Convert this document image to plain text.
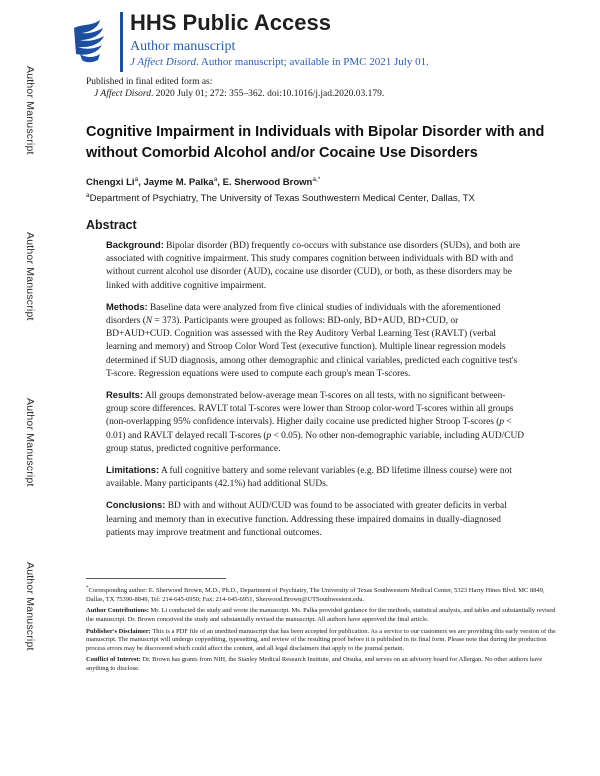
Author Manuscript
Author Manuscript
Author Manuscript
Author Manuscript
HHS Public Access
Author manuscript
J Affect Disord. Author manuscript; available in PMC 2021 July 01.
Published in final edited form as:
J Affect Disord. 2020 July 01; 272: 355–362. doi:10.1016/j.jad.2020.03.179.
Cognitive Impairment in Individuals with Bipolar Disorder with and without Comorbid Alcohol and/or Cocaine Use Disorders
Chengxi Li$^a$, Jayme M. Palka$^a$, E. Sherwood Brown$^{a,*}$
$^a$Department of Psychiatry, The University of Texas Southwestern Medical Center, Dallas, TX
Abstract

Background: Bipolar disorder (BD) frequently co-occurs with substance use disorders (SUDs), and both are associated with cognitive impairment. This study compares cognition between individuals with BD with and without current alcohol use disorder (AUD), cocaine use disorder (CUD), or both, as these disorders may be linked with additive cognitive impairment.

Methods: Baseline data were analyzed from five clinical studies of individuals with the aforementioned disorders (N = 373). Participants were grouped as follows: BD-only, BD+AUD, BD+CUD, or BD+AUD+CUD. Cognition was assessed with the Rey Auditory Verbal Learning Test (RAVLT) (verbal learning and memory) and Stroop Color Word Test (executive function). Multiple linear regression models determined if SUD diagnosis, among other demographic and clinical variables, predicted each cognitive test's T-score. Regression equations were used to compute each group's mean T-scores.

Results: All groups demonstrated below-average mean T-scores on all tests, with no significant between-group score differences. RAVLT total T-scores were lower than Stroop color-word T-scores within all groups (non-overlapping 95% confidence intervals). Higher daily cocaine use predicted higher Stroop T-scores (p < 0.01) and RAVLT delayed recall T-scores (p < 0.05). No other non-demographic variable, including AUD/CUD group status, predicted cognitive performance.

Limitations: A full cognitive battery and some relevant variables (e.g. BD lifetime illness course) were not available. Many participants (42.1%) had additional SUDs.

Conclusions: BD with and without AUD/CUD was found to be associated with greater deficits in verbal learning and memory than in executive function. Addressing these impaired domains in dually-diagnosed patients may improve treatment and functional outcomes.

*Corresponding author: E. Sherwood Brown, M.D., Ph.D., Department of Psychiatry, The University of Texas Southwestern Medical Center, 5323 Harry Hines Blvd. MC 8849, Dallas, TX 75390-8849, Tel: 214-645-6950; Fax: 214-645-6951, Sherwood.Brown@UTSouthwestern.edu.

Author Contributions: Mr. Li conducted the study and wrote the manuscript. Ms. Palka provided guidance for the methods, statistical analysis, and tables and substantially revised the manuscript. Dr. Brown conceived the study and substantially revised the manuscript. All authors have approved the final article.

Publisher's Disclaimer: This is a PDF file of an unedited manuscript that has been accepted for publication. As a service to our customers we are providing this early version of the manuscript. The manuscript will undergo copyediting, typesetting, and review of the resulting proof before it is published in its final form. Please note that during the production process errors may be discovered which could affect the content, and all legal disclaimers that apply to the journal pertain.

Conflict of Interest: Dr. Brown has grants from NIH, the Stanley Medical Research Institute, and Otsuka, and serves on an advisory board for Allergan. No other authors have anything to disclose.
